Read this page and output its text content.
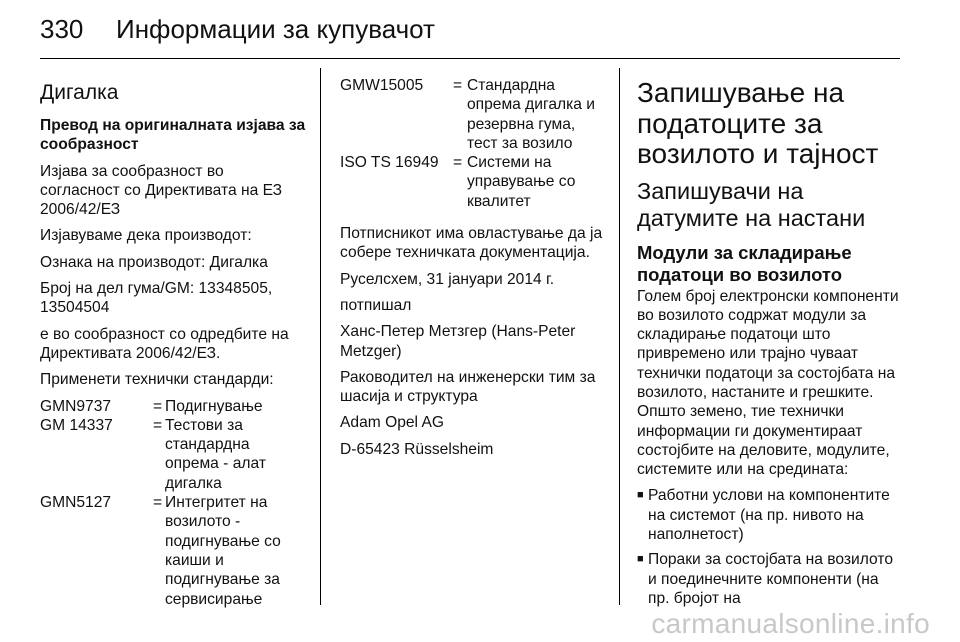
330 Информации за купувачот
Дигалка

Превод на оригиналната изјава за сообразност

Изјава за сообразност во согласност со Директивата на ЕЗ 2006/42/ЕЗ

Изјавуваме дека производот:

Ознака на производот: Дигалка

Број на дел гума/GM: 13348505, 13504504

е во сообразност со одредбите на Директивата 2006/42/ЕЗ.

Применети технички стандарди:

GMN9737	= Подигнување
GM 14337	= Тестови за стандардна опрема - алат дигалка
GMN5127	= Интегритет на возилото - подигнување со каиши и подигнување за сервисирање
GMW15005	= Стандардна опрема дигалка и резервна гума, тест за возило
ISO TS 16949 = Системи на управување со квалитет

Потписникот има овластување да ја собере техничката документација.

Руселсхем, 31 јануари 2014 г.

потпишал

Ханс-Петер Метзгер (Hans-Peter Metzger)

Раководител на инженерски тим за шасија и структура

Adam Opel AG

D-65423 Rüsselsheim

Запишување на податоците за возилото и тајност
Запишувачи на датумите на настани
Модули за складирање податоци во возилото

Голем број електронски компоненти во возилото содржат модули за складирање податоци што привремено или трајно чуваат технички податоци за состојбата на возилото, настаните и грешките. Општо земено, тие технички информации ги документираат состојбите на деловите, модулите, системите или на средината:

■ Работни услови на компонентите на системот (на пр. нивото на наполнетост)
■ Пораки за состојбата на возилото и поединечните компоненти (на пр. бројот на
carmanualsonline.info
